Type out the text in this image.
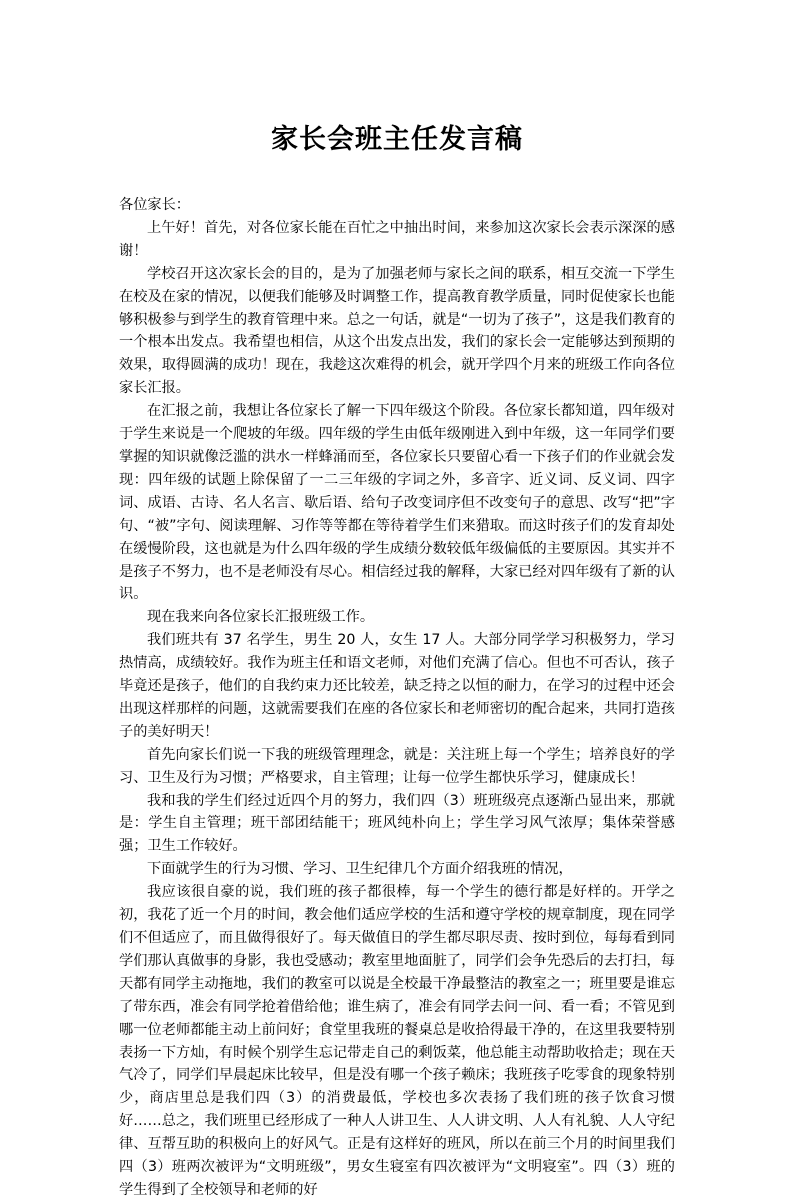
家长会班主任发言稿

各位家长：

上午好！首先，对各位家长能在百忙之中抽出时间，来参加这次家长会表示深深的感谢！

学校召开这次家长会的目的，是为了加强老师与家长之间的联系，相互交流一下学生在校及在家的情况，以便我们能够及时调整工作，提高教育教学质量，同时促使家长也能够积极参与到学生的教育管理中来。总之一句话，就是“一切为了孩子”，这是我们教育的一个根本出发点。我希望也相信，从这个出发点出发，我们的家长会一定能够达到预期的效果，取得圆满的成功！现在，我趁这次难得的机会，就开学四个月来的班级工作向各位家长汇报。

在汇报之前，我想让各位家长了解一下四年级这个阶段。各位家长都知道，四年级对于学生来说是一个爬坡的年级。四年级的学生由低年级刚进入到中年级，这一年同学们要掌握的知识就像泛滥的洪水一样蜂涌而至，各位家长只要留心看一下孩子们的作业就会发现：四年级的试题上除保留了一二三年级的字词之外，多音字、近义词、反义词、四字词、成语、古诗、名人名言、歇后语、给句子改变词序但不改变句子的意思、改写“把”字句、“被”字句、阅读理解、习作等等都在等待着学生们来猎取。而这时孩子们的发育却处在缓慢阶段，这也就是为什么四年级的学生成绩分数较低年级偏低的主要原因。其实并不是孩子不努力，也不是老师没有尽心。相信经过我的解释，大家已经对四年级有了新的认识。

现在我来向各位家长汇报班级工作。

我们班共有 37 名学生，男生 20 人，女生 17 人。大部分同学学习积极努力，学习热情高，成绩较好。我作为班主任和语文老师，对他们充满了信心。但也不可否认，孩子毕竟还是孩子，他们的自我约束力还比较差，缺乏持之以恒的耐力，在学习的过程中还会出现这样那样的问题，这就需要我们在座的各位家长和老师密切的配合起来，共同打造孩子的美好明天！

首先向家长们说一下我的班级管理理念，就是：关注班上每一个学生；培养良好的学习、卫生及行为习惯；严格要求，自主管理；让每一位学生都快乐学习，健康成长！

我和我的学生们经过近四个月的努力，我们四（3）班班级亮点逐渐凸显出来，那就是：学生自主管理；班干部团结能干；班风纯朴向上；学生学习风气浓厚；集体荣誉感强；卫生工作较好。

下面就学生的行为习惯、学习、卫生纪律几个方面介绍我班的情况，

我应该很自豪的说，我们班的孩子都很棒，每一个学生的德行都是好样的。开学之初，我花了近一个月的时间，教会他们适应学校的生活和遵守学校的规章制度，现在同学们不但适应了，而且做得很好了。每天做值日的学生都尽职尽责、按时到位，每每看到同学们那认真做事的身影，我也受感动；教室里地面脏了，同学们会争先恐后的去打扫，每天都有同学主动拖地，我们的教室可以说是全校最干净最整洁的教室之一；班里要是谁忘了带东西，准会有同学抢着借给他；谁生病了，准会有同学去问一问、看一看；不管见到哪一位老师都能主动上前问好；食堂里我班的餐桌总是收拾得最干净的，在这里我要特别表扬一下方灿，有时候个别学生忘记带走自己的剩饭菜，他总能主动帮助收拾走；现在天气冷了，同学们早晨起床比较早，但是没有哪一个孩子赖床；我班孩子吃零食的现象特别少，商店里总是我们四（3）的消费最低，学校也多次表扬了我们班的孩子饮食习惯好……总之，我们班里已经形成了一种人人讲卫生、人人讲文明、人人有礼貌、人人守纪律、互帮互助的积极向上的好风气。正是有这样好的班风，所以在前三个月的时间里我们四（3）班两次被评为“文明班级”，男女生寝室有四次被评为“文明寝室”。四（3）班的学生得到了全校领导和老师的好
